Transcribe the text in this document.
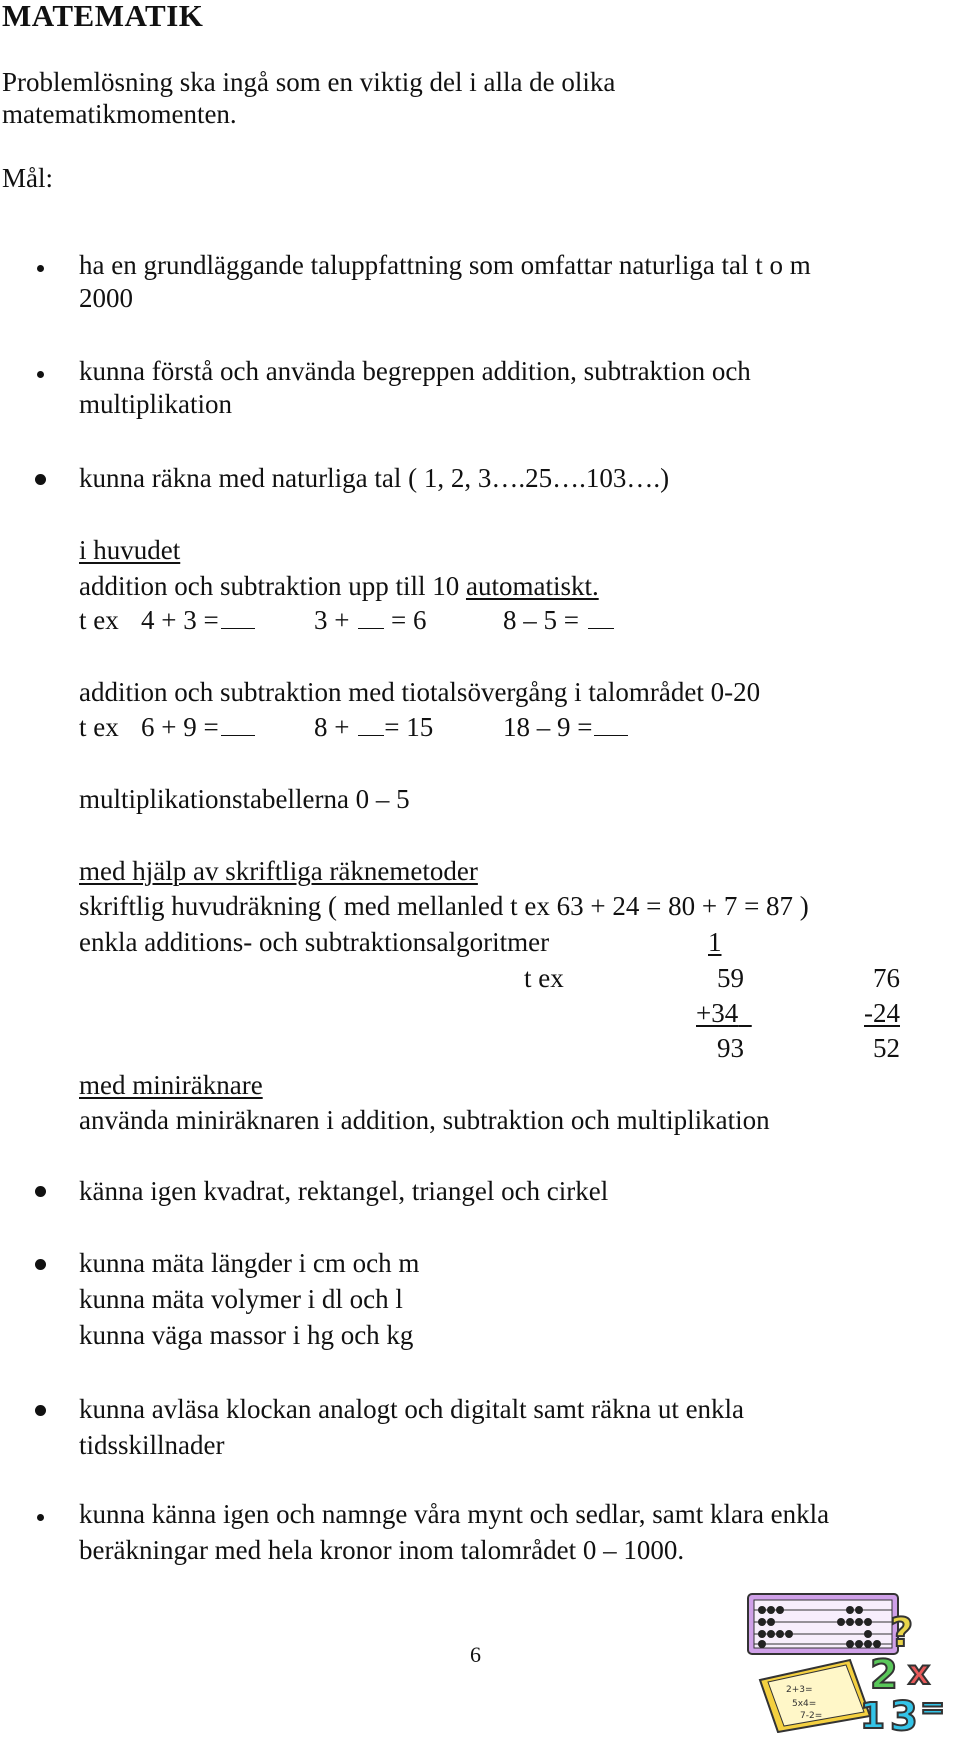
MATEMATIK
Problemlösning ska ingå som en viktig del i alla de olika
matematikmomenten.
Mål:
ha en grundläggande taluppfattning som omfattar naturliga tal t o m
2000
kunna förstå och använda begreppen addition, subtraktion och
multiplikation
kunna räkna med naturliga tal ( 1, 2, 3….25….103….)
i huvudet
addition och subtraktion upp till 10 automatiskt.
t ex 4 + 3 =	3 + = 6	8 – 5 =
addition och subtraktion med tiotalsövergång i talområdet 0-20
t ex 6 + 9 =	8 + = 15	18 – 9 =
multiplikationstabellerna 0 – 5
med hjälp av skriftliga räknemetoder
skriftlig huvudräkning ( med mellanled t ex 63 + 24 = 80 + 7 = 87 )
enkla additions- och subtraktionsalgoritmer	1
t ex	59
+34
93
76
-24
52
med miniräknare
använda miniräknaren i addition, subtraktion och multiplikation
känna igen kvadrat, rektangel, triangel och cirkel
kunna mäta längder i cm och m
kunna mäta volymer i dl och l
kunna väga massor i hg och kg
kunna avläsa klockan analogt och digitalt samt räkna ut enkla
tidsskillnader
kunna känna igen och namnge våra mynt och sedlar, samt klara enkla
beräkningar med hela kronor inom talområdet 0 – 1000.
6
2+3=
5x4=
7-2=
?
2
1 3
x
=
